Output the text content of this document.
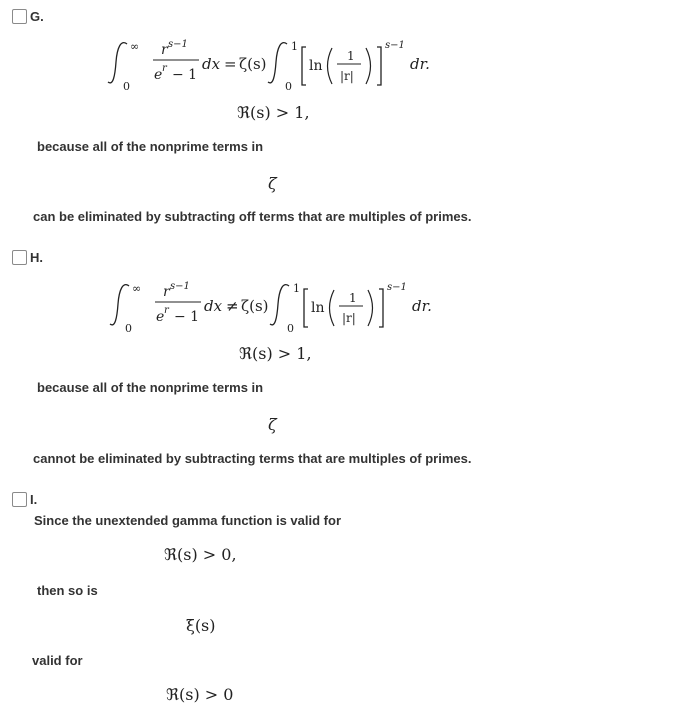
G.
∞
0
r s−1
e r − 1
dx = ζ(s)
1
0
ln
1
|r|
s−1
dr.
ℜ(s) > 1,
because all of the nonprime terms in
ζ
can be eliminated by subtracting off terms that are multiples of primes.
H.
∞
0
r s−1
e r − 1
dx ≠ ζ(s)
1
0
ln
1
|r|
s−1
dr.
ℜ(s) > 1,
because all of the nonprime terms in
ζ
cannot be eliminated by subtracting terms that are multiples of primes.
I.
Since the unextended gamma function is valid for
ℜ(s) > 0,
then so is
ξ(s)
valid for
ℜ(s) > 0
